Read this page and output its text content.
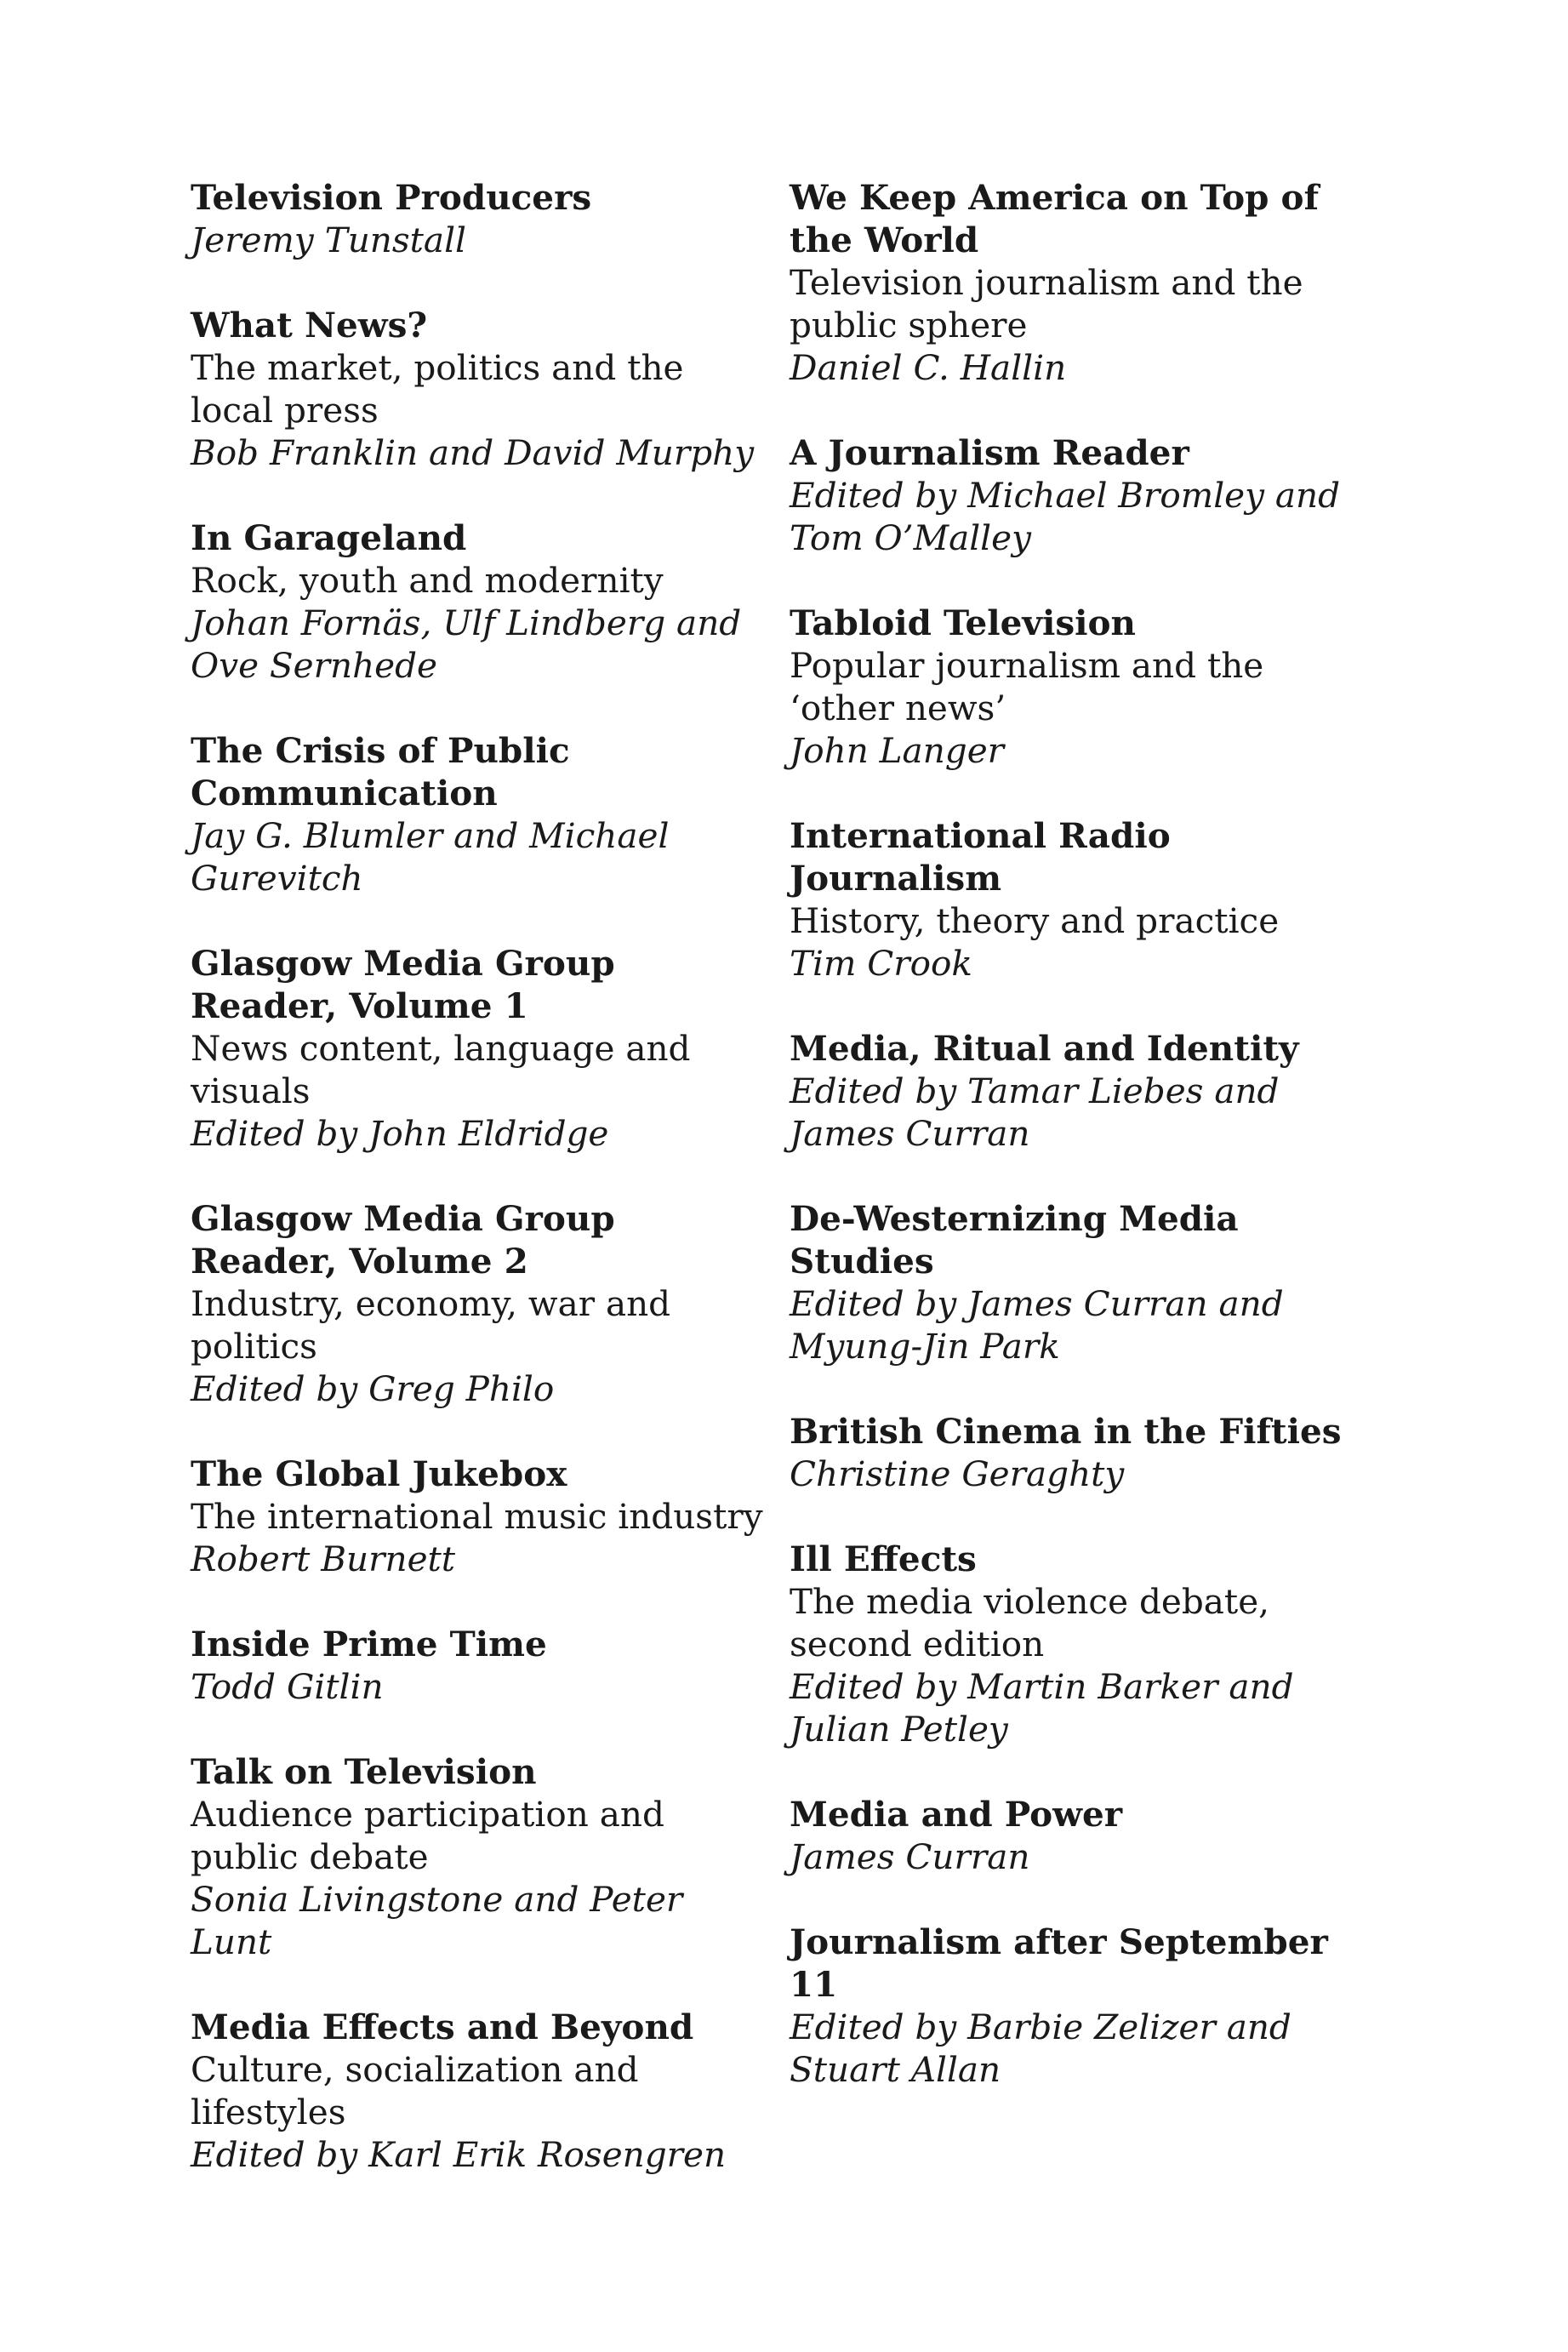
Television Producers
Jeremy Tunstall
What News?
The market, politics and the local press
Bob Franklin and David Murphy
In Garageland
Rock, youth and modernity
Johan Fornäs, Ulf Lindberg and Ove Sernhede
The Crisis of Public Communication
Jay G. Blumler and Michael Gurevitch
Glasgow Media Group Reader, Volume 1
News content, language and visuals
Edited by John Eldridge
Glasgow Media Group Reader, Volume 2
Industry, economy, war and politics
Edited by Greg Philo
The Global Jukebox
The international music industry
Robert Burnett
Inside Prime Time
Todd Gitlin
Talk on Television
Audience participation and public debate
Sonia Livingstone and Peter Lunt
Media Effects and Beyond
Culture, socialization and lifestyles
Edited by Karl Erik Rosengren
We Keep America on Top of the World
Television journalism and the public sphere
Daniel C. Hallin
A Journalism Reader
Edited by Michael Bromley and Tom O’Malley
Tabloid Television
Popular journalism and the ‘other news’
John Langer
International Radio Journalism
History, theory and practice
Tim Crook
Media, Ritual and Identity
Edited by Tamar Liebes and James Curran
De-Westernizing Media Studies
Edited by James Curran and Myung-Jin Park
British Cinema in the Fifties
Christine Geraghty
Ill Effects
The media violence debate, second edition
Edited by Martin Barker and Julian Petley
Media and Power
James Curran
Journalism after September 11
Edited by Barbie Zelizer and Stuart Allan
